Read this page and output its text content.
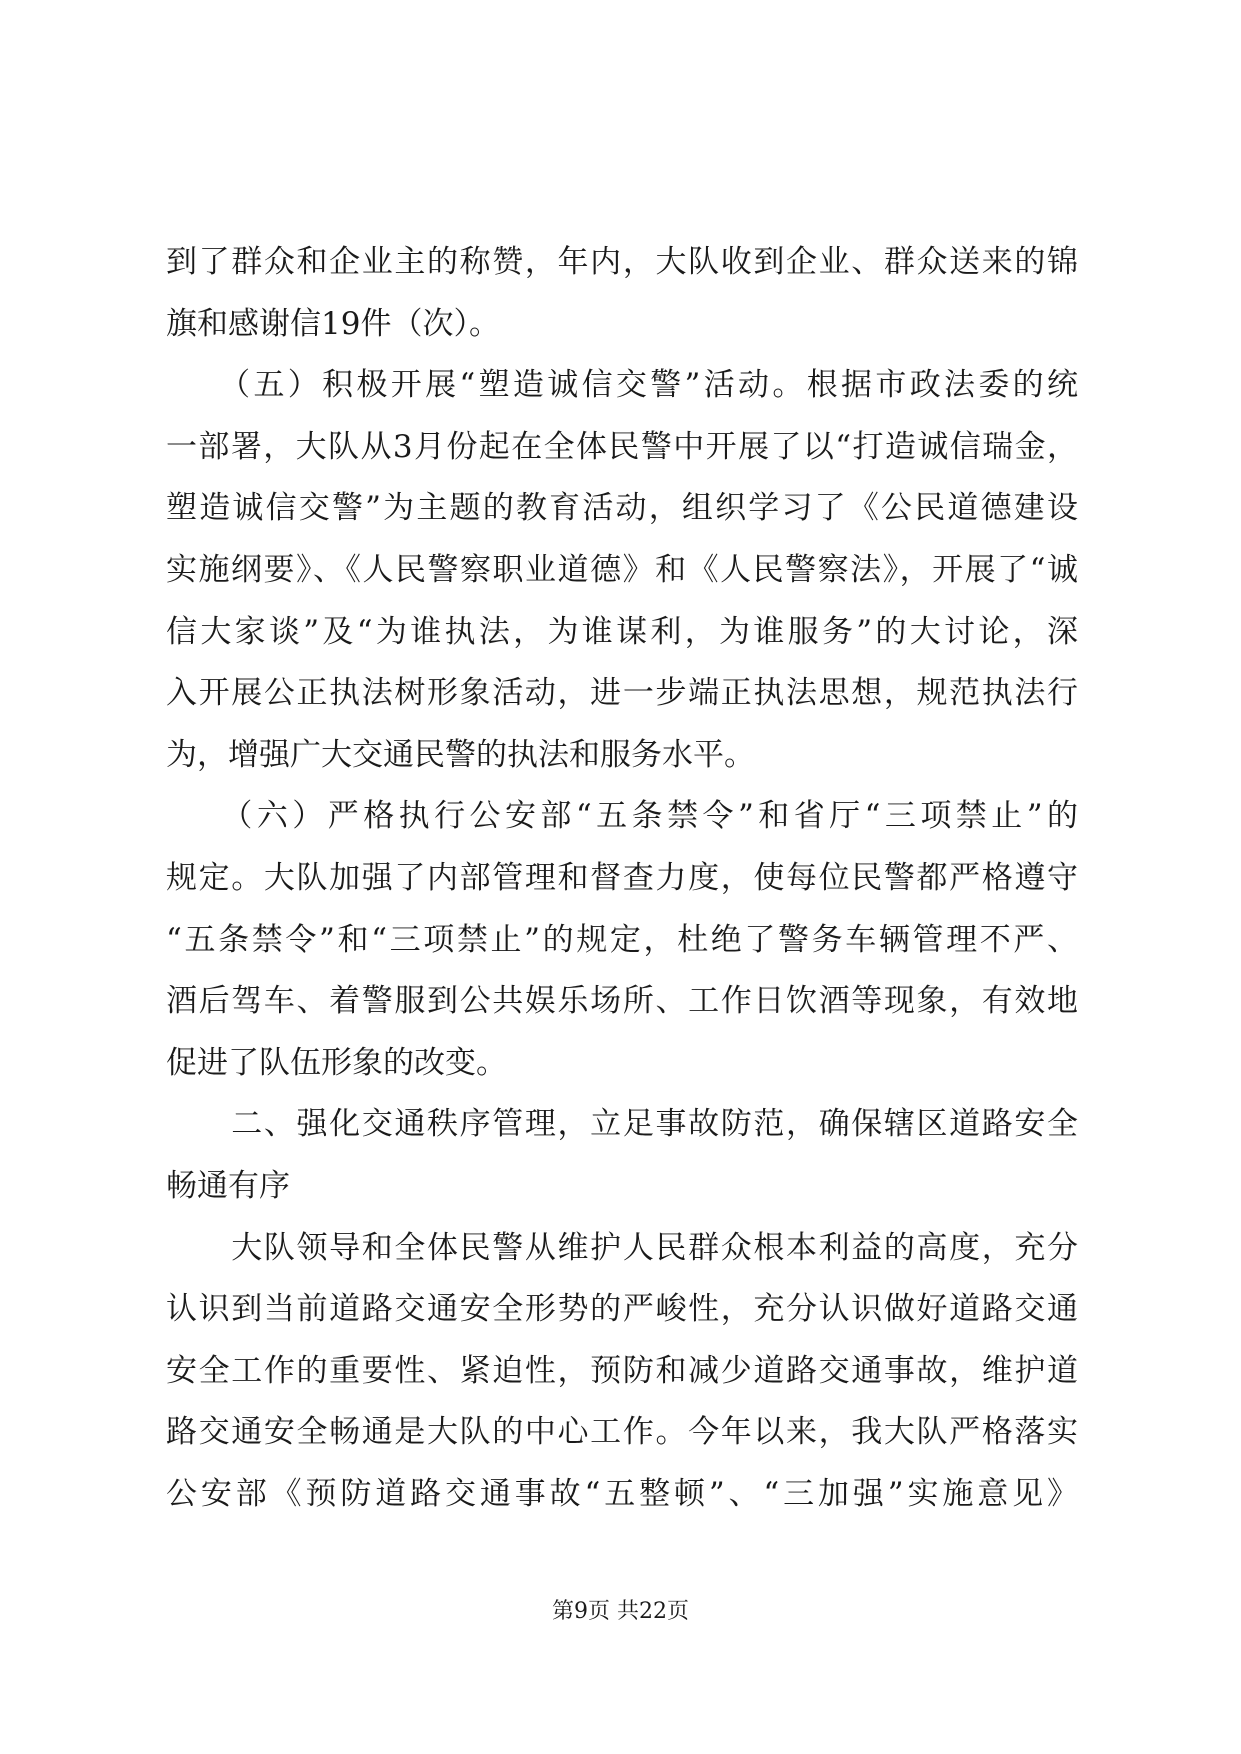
到了群众和企业主的称赞，年内，大队收到企业、群众送来的锦
旗和感谢信19件（次）。
　　（五）积极开展“塑造诚信交警”活动。根据市政法委的统
一部署，大队从3月份起在全体民警中开展了以“打造诚信瑞金，
塑造诚信交警”为主题的教育活动，组织学习了《公民道德建设
实施纲要》、《人民警察职业道德》和《人民警察法》，开展了“诚
信大家谈”及“为谁执法，为谁谋利，为谁服务”的大讨论，深
入开展公正执法树形象活动，进一步端正执法思想，规范执法行
为，增强广大交通民警的执法和服务水平。
　　（六）严格执行公安部“五条禁令”和省厅“三项禁止”的
规定。大队加强了内部管理和督查力度，使每位民警都严格遵守
“五条禁令”和“三项禁止”的规定，杜绝了警务车辆管理不严、
酒后驾车、着警服到公共娱乐场所、工作日饮酒等现象，有效地
促进了队伍形象的改变。
　　二、强化交通秩序管理，立足事故防范，确保辖区道路安全
畅通有序
　　大队领导和全体民警从维护人民群众根本利益的高度，充分
认识到当前道路交通安全形势的严峻性，充分认识做好道路交通
安全工作的重要性、紧迫性，预防和减少道路交通事故，维护道
路交通安全畅通是大队的中心工作。今年以来，我大队严格落实
公安部《预防道路交通事故“五整顿”、“三加强”实施意见》
第9页 共22页
